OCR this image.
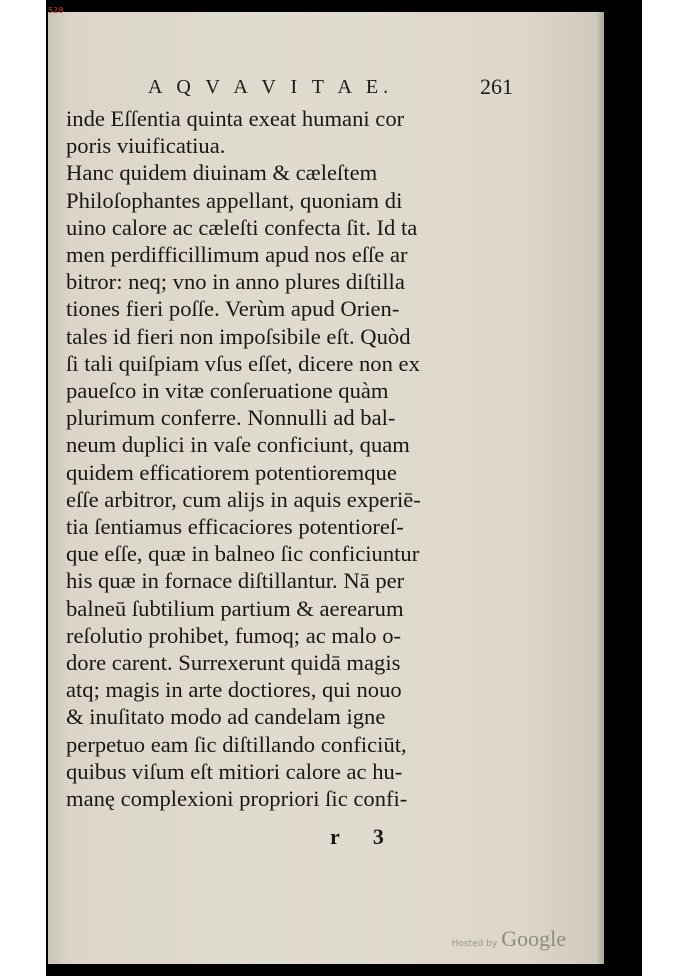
A Q V A V I T A E.	261
inde Eſſentia quinta exeat humani cor
poris viuificatiua.
Hanc quidem diuinam & cæleſtem
Philoſophantes appellant, quoniam di
uino calore ac cæleſti confecta ſit. Id ta
men perdifficillimum apud nos eſſe ar
bitror: neq; vno in anno plures diſtilla
tiones fieri poſſe. Verùm apud Orien-
tales id fieri non impoſsibile eſt. Quòd
ſi tali quiſpiam vſus eſſet, dicere non ex
paueſco in vitæ conſeruatione quàm
plurimum conferre. Nonnulli ad bal-
neum duplici in vaſe conficiunt, quam
quidem efficatiorem potentioremque
eſſe arbitror, cum alijs in aquis experiē-
tia ſentiamus efficaciores potentioreſ-
que eſſe, quæ in balneo ſic conficiuntur
his quæ in fornace diſtillantur. Nā per
balneū ſubtilium partium & aerearum
reſolutio prohibet, fumoq; ac malo o-
dore carent. Surrexerunt quidā magis
atq; magis in arte doctiores, qui nouo
& inuſitato modo ad candelam igne
perpetuo eam ſic diſtillando conficiūt,
quibus viſum eſt mitiori calore ac hu-
manę complexioni propriori ſic confi-
r 3
Hosted by Google
528
